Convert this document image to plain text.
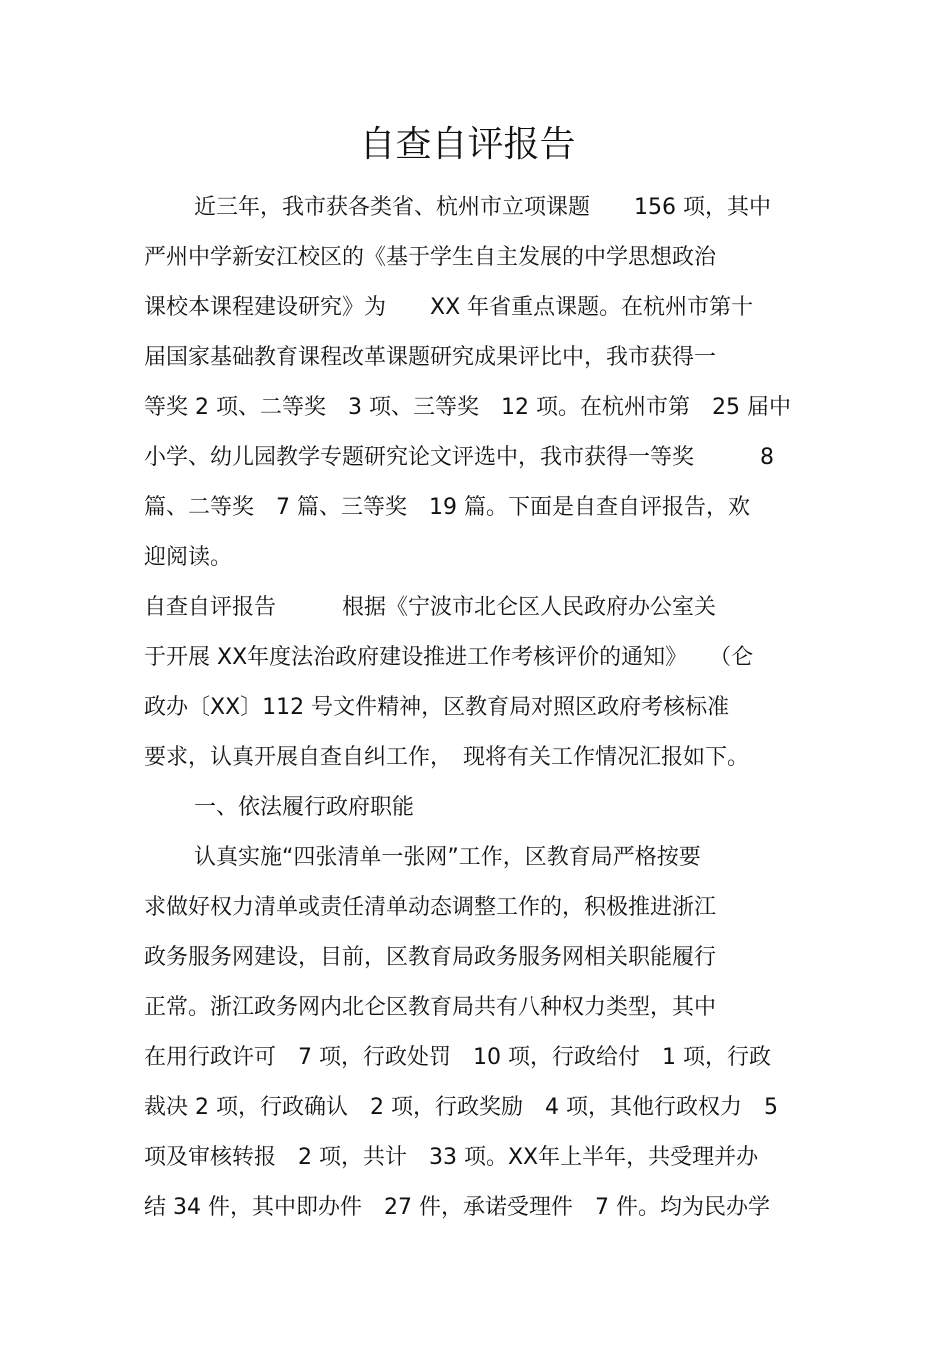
自查自评报告
近三年，我市获各类省、杭州市立项课题　　156 项，其中
严州中学新安江校区的《基于学生自主发展的中学思想政治
课校本课程建设研究》为　　XX 年省重点课题。在杭州市第十
届国家基础教育课程改革课题研究成果评比中，我市获得一
等奖 2 项、二等奖　3 项、三等奖　12 项。在杭州市第　25 届中
小学、幼儿园教学专题研究论文评选中，我市获得一等奖　　　8
篇、二等奖　7 篇、三等奖　19 篇。下面是自查自评报告，欢
迎阅读。
自查自评报告　　　根据《宁波市北仑区人民政府办公室关
于开展 XX年度法治政府建设推进工作考核评价的通知》　　（仑
政办〔XX〕112 号文件精神，区教育局对照区政府考核标准
要求，认真开展自查自纠工作，　现将有关工作情况汇报如下。
一、依法履行政府职能
认真实施“四张清单一张网”工作，区教育局严格按要
求做好权力清单或责任清单动态调整工作的，积极推进浙江
政务服务网建设，目前，区教育局政务服务网相关职能履行
正常。浙江政务网内北仑区教育局共有八种权力类型，其中
在用行政许可　7 项，行政处罚　10 项，行政给付　1 项，行政
裁决 2 项，行政确认　2 项，行政奖励　4 项，其他行政权力　5
项及审核转报　2 项，共计　33 项。XX年上半年，共受理并办
结 34 件，其中即办件　27 件，承诺受理件　7 件。均为民办学
